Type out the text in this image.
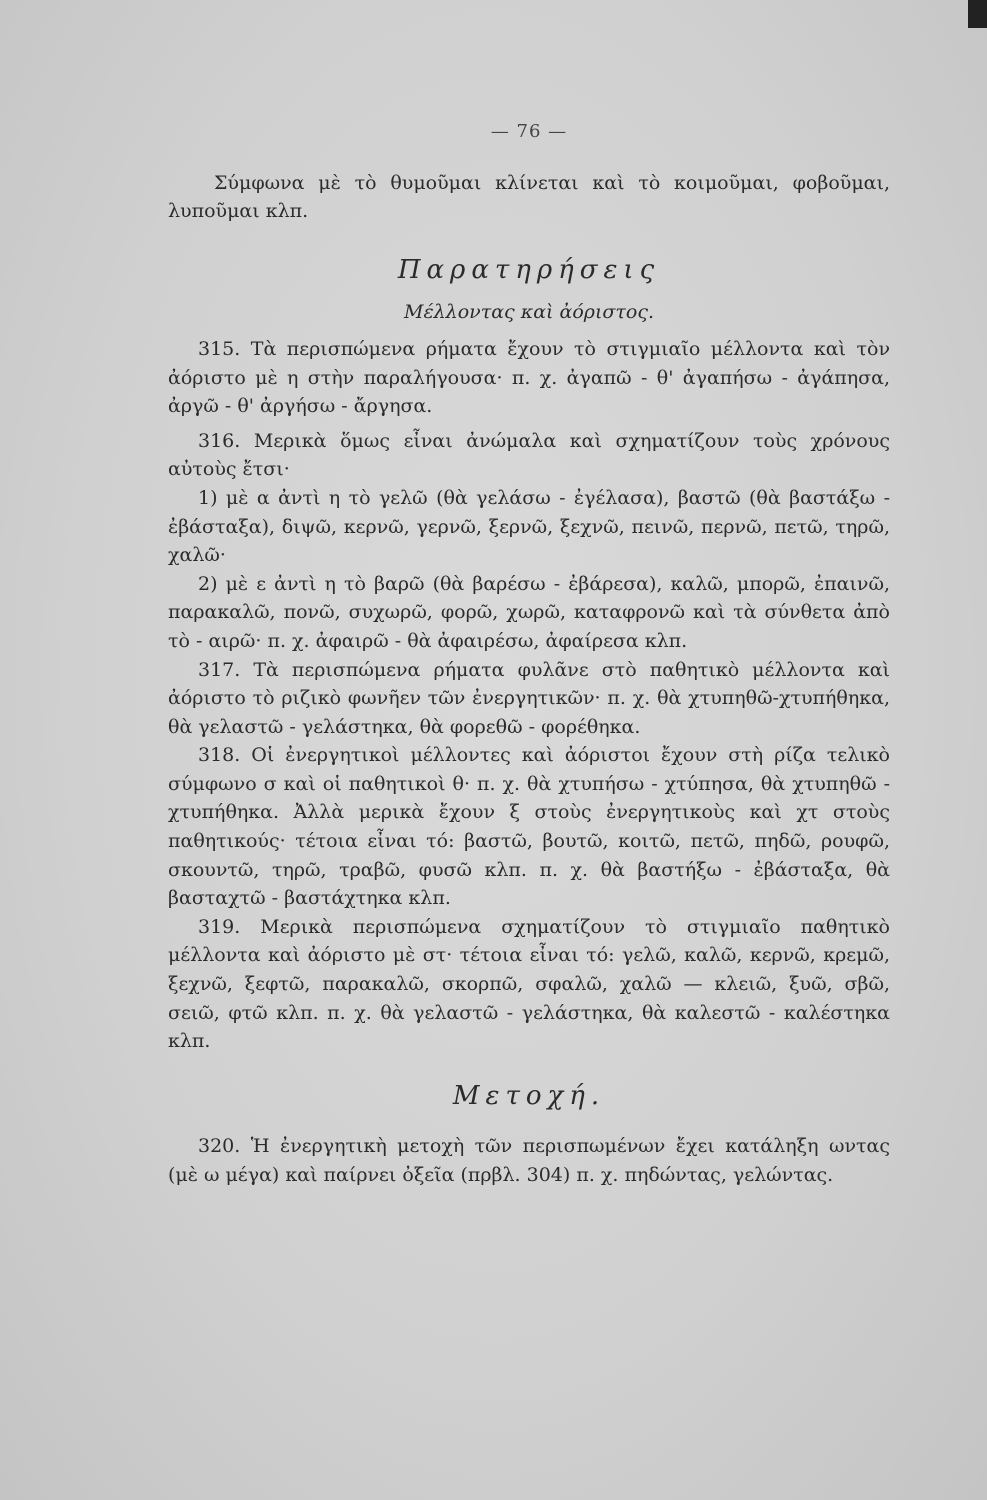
— 76 —

Σύμφωνα μὲ τὸ θυμοῦμαι κλίνεται καὶ τὸ κοιμοῦμαι, φοβοῦμαι, λυποῦμαι κλπ.

Παρατηρήσεις
Μέλλοντας καὶ ἀόριστος.

315. Τὰ περισπώμενα ρήματα ἔχουν τὸ στιγμιαῖο μέλλοντα καὶ τὸν ἀόριστο μὲ η στὴν παραλήγουσα· π. χ. ἀγαπῶ - θ' ἀγαπήσω - ἀγάπησα, ἀργῶ - θ' ἀργήσω - ἄργησα.

316. Μερικὰ ὅμως εἶναι ἀνώμαλα καὶ σχηματίζουν τοὺς χρόνους αὐτοὺς ἔτσι·

1) μὲ α ἀντὶ η τὸ γελῶ (θὰ γελάσω - ἐγέλασα), βαστῶ (θὰ βαστάξω - ἐβάσταξα), διψῶ, κερνῶ, γερνῶ, ξερνῶ, ξεχνῶ, πεινῶ, περνῶ, πετῶ, τηρῶ, χαλῶ·

2) μὲ ε ἀντὶ η τὸ βαρῶ (θὰ βαρέσω - ἐβάρεσα), καλῶ, μπορῶ, ἐπαινῶ, παρακαλῶ, πονῶ, συχωρῶ, φορῶ, χωρῶ, καταφρονῶ καὶ τὰ σύνθετα ἀπὸ τὸ - αιρῶ· π. χ. ἀφαιρῶ - θὰ ἀφαιρέσω, ἀφαίρεσα κλπ.

317. Τὰ περισπώμενα ρήματα φυλᾶνε στὸ παθητικὸ μέλλοντα καὶ ἀόριστο τὸ ριζικὸ φωνῆεν τῶν ἐνεργητικῶν· π. χ. θὰ χτυπηθῶ-χτυπήθηκα, θὰ γελαστῶ - γελάστηκα, θὰ φορεθῶ - φορέθηκα.

318. Οἱ ἐνεργητικοὶ μέλλοντες καὶ ἀόριστοι ἔχουν στὴ ρίζα τελικὸ σύμφωνο σ καὶ οἱ παθητικοὶ θ· π. χ. θὰ χτυπήσω - χτύπησα, θὰ χτυπηθῶ - χτυπήθηκα. Ἀλλὰ μερικὰ ἔχουν ξ στοὺς ἐνεργητικοὺς καὶ χτ στοὺς παθητικούς· τέτοια εἶναι τό: βαστῶ, βουτῶ, κοιτῶ, πετῶ, πηδῶ, ρουφῶ, σκουντῶ, τηρῶ, τραβῶ, φυσῶ κλπ. π. χ. θὰ βαστήξω - ἐβάσταξα, θὰ βασταχτῶ - βαστάχτηκα κλπ.

319. Μερικὰ περισπώμενα σχηματίζουν τὸ στιγμιαῖο παθητικὸ μέλλοντα καὶ ἀόριστο μὲ στ· τέτοια εἶναι τό: γελῶ, καλῶ, κερνῶ, κρεμῶ, ξεχνῶ, ξεφτῶ, παρακαλῶ, σκορπῶ, σφαλῶ, χαλῶ — κλειῶ, ξυῶ, σβῶ, σειῶ, φτῶ κλπ. π. χ. θὰ γελαστῶ - γελάστηκα, θὰ καλεστῶ - καλέστηκα κλπ.

Μετοχή.

320. Ἡ ἐνεργητικὴ μετοχὴ τῶν περισπωμένων ἔχει κατάληξη ωντας (μὲ ω μέγα) καὶ παίρνει ὀξεῖα (πρβλ. 304) π. χ. πηδώντας, γελώντας.
